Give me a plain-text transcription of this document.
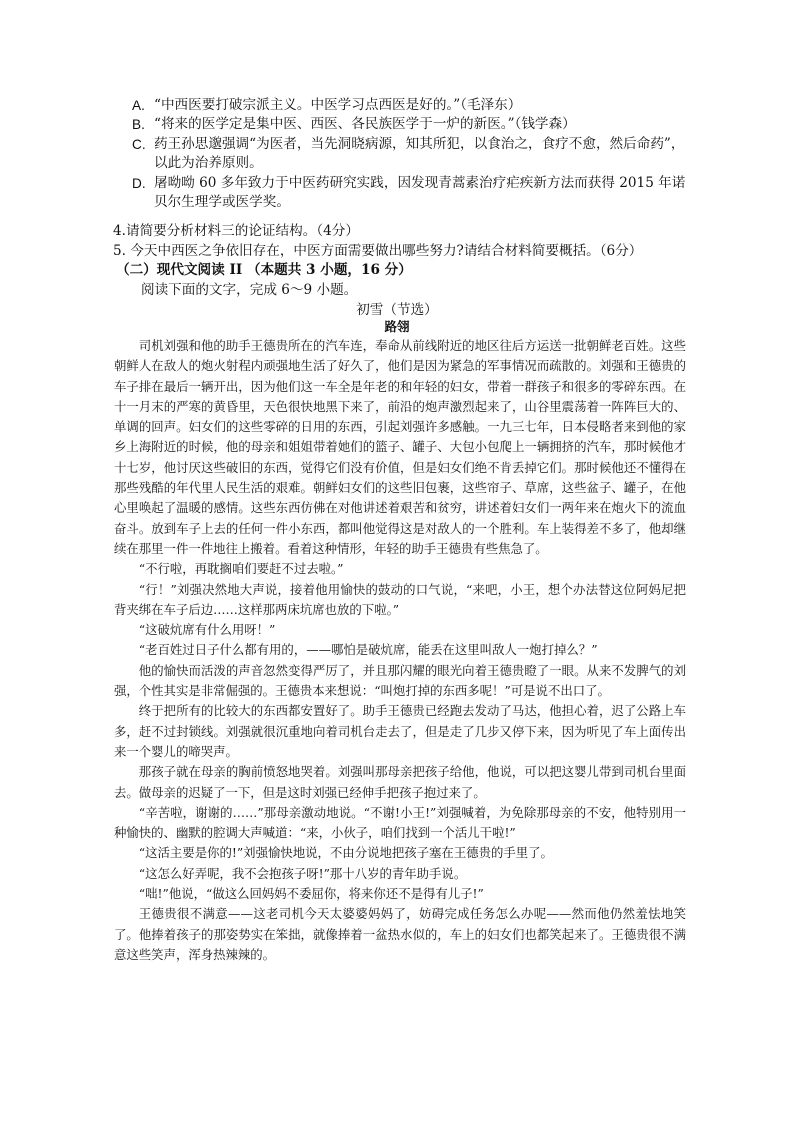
A. “中西医要打破宗派主义。中医学习点西医是好的。”（毛泽东）
B. “将来的医学定是集中医、西医、各民族医学于一炉的新医。”（钱学森）
C. 药王孙思邈强调“为医者，当先洞晓病源，知其所犯，以食治之，食疗不愈，然后命药”，以此为治养原则。
D. 屠呦呦 60 多年致力于中医药研究实践，因发现青蒿素治疗疟疾新方法而获得 2015 年诺贝尔生理学或医学奖。
4.请简要分析材料三的论证结构。（4分）
5. 今天中西医之争依旧存在，中医方面需要做出哪些努力?请结合材料简要概括。（6分）
（二）现代文阅读 II （本题共 3 小题，16 分）
阅读下面的文字，完成 6～9 小题。
初雪（节选）
路翎

司机刘强和他的助手王德贵所在的汽车连，奉命从前线附近的地区往后方运送一批朝鲜老百姓。这些朝鲜人在敌人的炮火射程内顽强地生活了好久了，他们是因为紧急的军事情况而疏散的。刘强和王德贵的车子排在最后一辆开出，因为他们这一车全是年老的和年轻的妇女，带着一群孩子和很多的零碎东西。在十一月末的严寒的黄昏里，天色很快地黑下来了，前沿的炮声激烈起来了，山谷里震荡着一阵阵巨大的、单调的回声。妇女们的这些零碎的日用的东西，引起刘强许多感触。一九三七年，日本侵略者来到他的家乡上海附近的时候，他的母亲和姐姐带着她们的篮子、罐子、大包小包爬上一辆拥挤的汽车，那时候他才十七岁，他讨厌这些破旧的东西，觉得它们没有价值，但是妇女们绝不肯丢掉它们。那时候他还不懂得在那些残酷的年代里人民生活的艰难。朝鲜妇女们的这些旧包裹，这些帘子、草席，这些盆子、罐子，在他心里唤起了温暖的感情。这些东西仿佛在对他讲述着艰苦和贫穷，讲述着妇女们一两年来在炮火下的流血奋斗。放到车子上去的任何一件小东西，都叫他觉得这是对敌人的一个胜利。车上装得差不多了，他却继续在那里一件一件地往上搬着。看着这种情形，年轻的助手王德贵有些焦急了。

“不行啦，再耽搁咱们要赶不过去啦。”

“行！”刘强决然地大声说，接着他用愉快的鼓动的口气说，“来吧，小王，想个办法替这位阿妈尼把背夹绑在车子后边……这样那两床坑席也放的下啦。”

“这破炕席有什么用呀！”

“老百姓过日子什么都有用的，——哪怕是破炕席，能丢在这里叫敌人一炮打掉么？”

他的愉快而活泼的声音忽然变得严厉了，并且那闪耀的眼光向着王德贵瞪了一眼。从来不发脾气的刘强，个性其实是非常倔强的。王德贵本来想说：“叫炮打掉的东西多呢！”可是说不出口了。

终于把所有的比较大的东西都安置好了。助手王德贵已经跑去发动了马达，他担心着，迟了公路上车多，赶不过封锁线。刘强就很沉重地向着司机台走去了，但是走了几步又停下来，因为听见了车上面传出来一个婴儿的啼哭声。

那孩子就在母亲的胸前愤怒地哭着。刘强叫那母亲把孩子给他，他说，可以把这婴儿带到司机台里面去。做母亲的迟疑了一下，但是这时刘强已经伸手把孩子抱过来了。

“辛苦啦，谢谢的……”那母亲激动地说。“不谢!小王!”刘强喊着，为免除那母亲的不安，他特别用一种愉快的、幽默的腔调大声喊道：“来，小伙子，咱们找到一个活儿干啦!”

“这活主要是你的!”刘强愉快地说，不由分说地把孩子塞在王德贵的手里了。

“这怎么好弄呢，我不会抱孩子呀!”那十八岁的青年助手说。

“咄!”他说，“做这么回妈妈不委屈你，将来你还不是得有儿子!”

王德贵很不满意——这老司机今天太婆婆妈妈了，妨碍完成任务怎么办呢——然而他仍然羞怯地笑了。他捧着孩子的那姿势实在笨拙，就像捧着一盆热水似的，车上的妇女们也都笑起来了。王德贵很不满意这些笑声，浑身热辣辣的。
